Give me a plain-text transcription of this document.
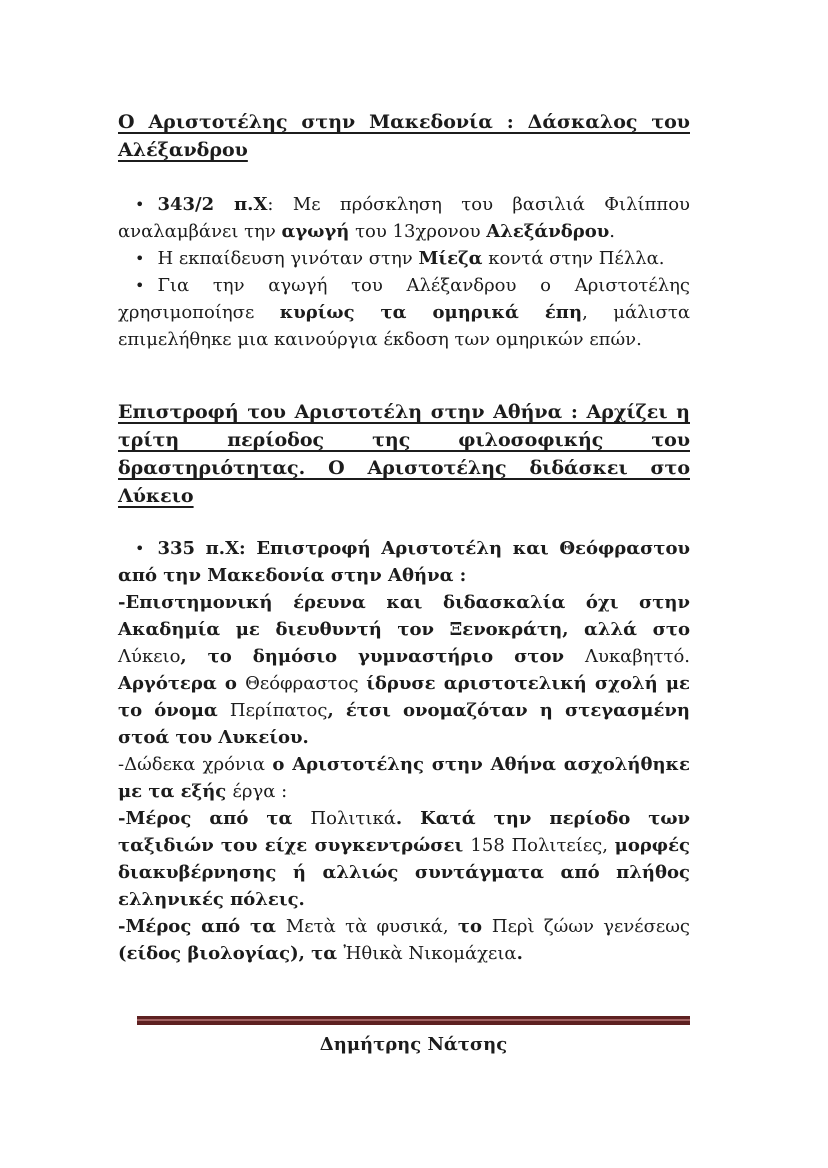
Ο Αριστοτέλης στην Μακεδονία : Δάσκαλος του Αλέξανδρου

• 343/2 π.Χ: Με πρόσκληση του βασιλιά Φιλίππου αναλαμβάνει την αγωγή του 13χρονου Αλεξάνδρου.

• Η εκπαίδευση γινόταν στην Μίεζα κοντά στην Πέλλα.

• Για την αγωγή του Αλέξανδρου ο Αριστοτέλης χρησιμοποίησε κυρίως τα ομηρικά έπη, μάλιστα επιμελήθηκε μια καινούργια έκδοση των ομηρικών επών.

Επιστροφή του Αριστοτέλη στην Αθήνα : Αρχίζει η τρίτη περίοδος της φιλοσοφικής του δραστηριότητας. Ο Αριστοτέλης διδάσκει στο Λύκειο

• 335 π.Χ: Επιστροφή Αριστοτέλη και Θεόφραστου από την Μακεδονία στην Αθήνα :

-Επιστημονική έρευνα και διδασκαλία όχι στην Ακαδημία με διευθυντή τον Ξενοκράτη, αλλά στο Λύκειο, το δημόσιο γυμναστήριο στον Λυκαβηττό. Αργότερα ο Θεόφραστος ίδρυσε αριστοτελική σχολή με το όνομα Περίπατος, έτσι ονομαζόταν η στεγασμένη στοά του Λυκείου.

-Δώδεκα χρόνια ο Αριστοτέλης στην Αθήνα ασχολήθηκε με τα εξής έργα :

-Μέρος από τα Πολιτικά. Κατά την περίοδο των ταξιδιών του είχε συγκεντρώσει 158 Πολιτείες, μορφές διακυβέρνησης ή αλλιώς συντάγματα από πλήθος ελληνικές πόλεις.

-Μέρος από τα Μετὰ τὰ φυσικά, το Περὶ ζώων γενέσεως (είδος βιολογίας), τα Ἠθικὰ Νικομάχεια.

Δημήτρης Νάτσης
